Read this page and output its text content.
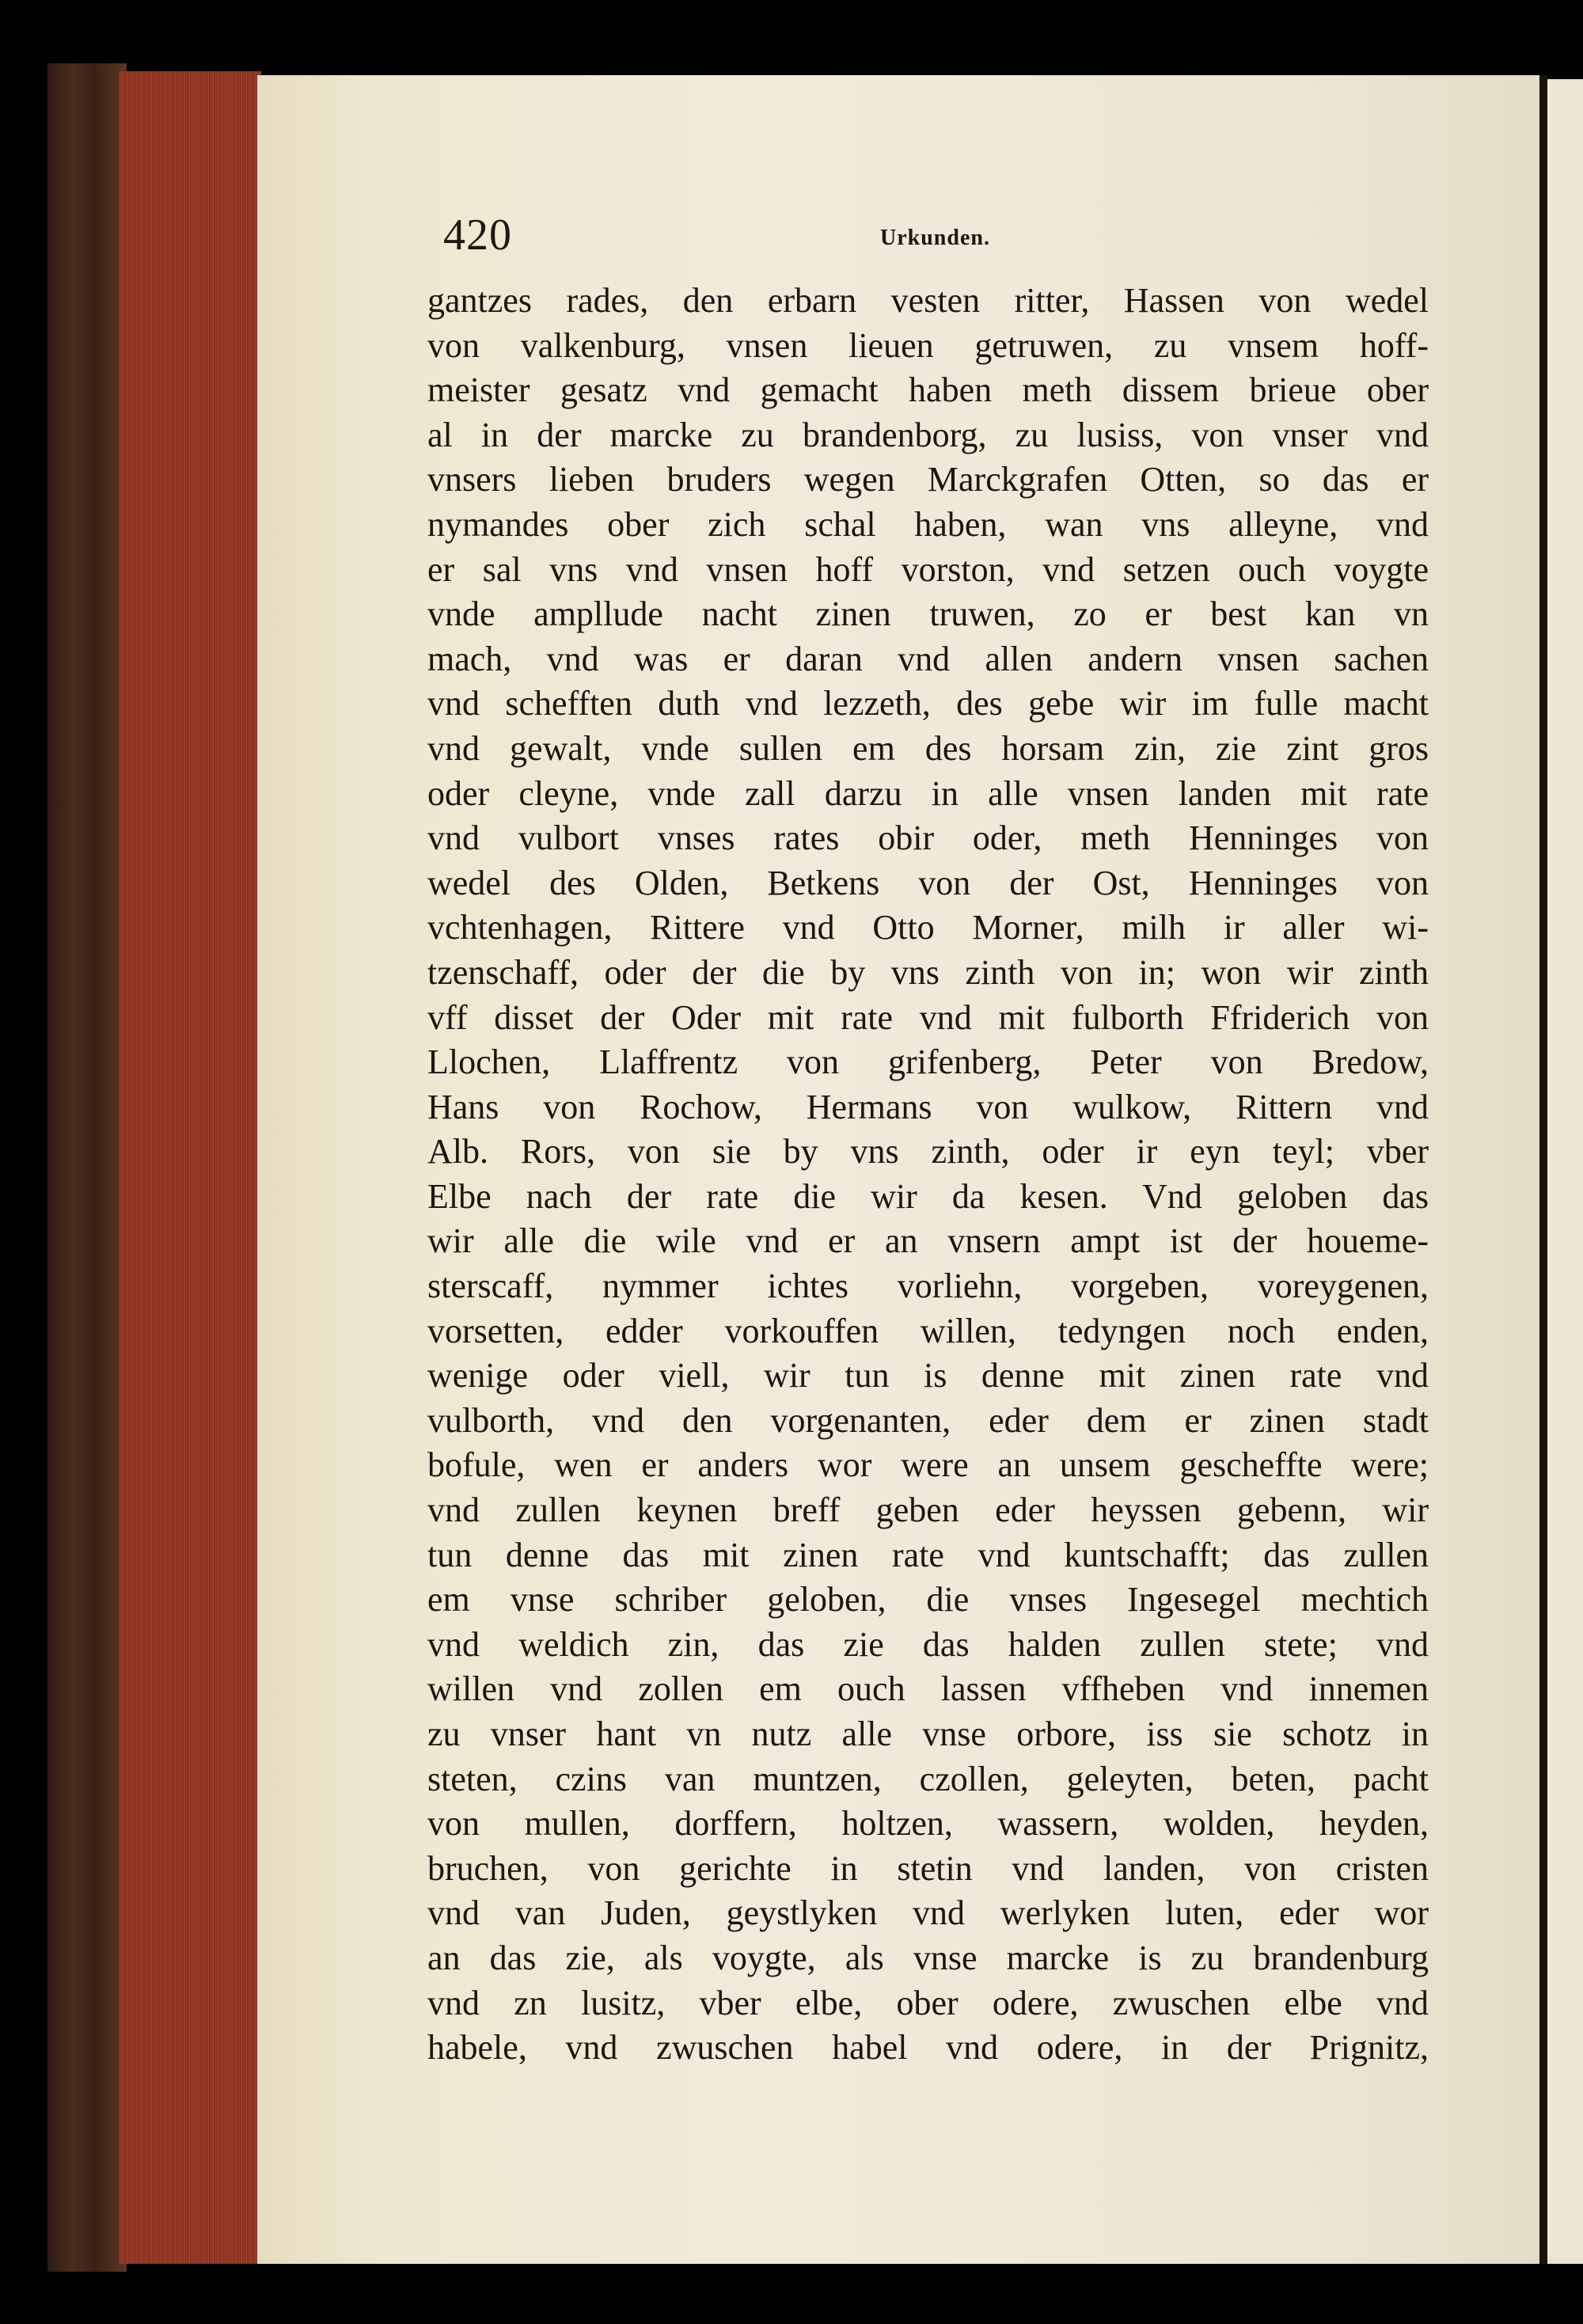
420	Urkunden.
gantzes rades, den erbarn vesten ritter, Hassen von wedel
von valkenburg, vnsen lieuen getruwen, zu vnsem hoff-
meister gesatz vnd gemacht haben meth dissem brieue ober
al in der marcke zu brandenborg, zu lusiss, von vnser vnd
vnsers lieben bruders wegen Marckgrafen Otten, so das er
nymandes ober zich schal haben, wan vns alleyne, vnd
er sal vns vnd vnsen hoff vorston, vnd setzen ouch voygte
vnde ampllude nacht zinen truwen, zo er best kan vn
mach, vnd was er daran vnd allen andern vnsen sachen
vnd schefften duth vnd lezzeth, des gebe wir im fulle macht
vnd gewalt, vnde sullen em des horsam zin, zie zint gros
oder cleyne, vnde zall darzu in alle vnsen landen mit rate
vnd vulbort vnses rates obir oder, meth Henninges von
wedel des Olden, Betkens von der Ost, Henninges von
vchtenhagen, Rittere vnd Otto Morner, milh ir aller wi-
tzenschaff, oder der die by vns zinth von in; won wir zinth
vff disset der Oder mit rate vnd mit fulborth Ffriderich von
Llochen, Llaffrentz von grifenberg, Peter von Bredow,
Hans von Rochow, Hermans von wulkow, Rittern vnd
Alb. Rors, von sie by vns zinth, oder ir eyn teyl; vber
Elbe nach der rate die wir da kesen. Vnd geloben das
wir alle die wile vnd er an vnsern ampt ist der houeme-
sterscaff, nymmer ichtes vorliehn, vorgeben, voreygenen,
vorsetten, edder vorkouffen willen, tedyngen noch enden,
wenige oder viell, wir tun is denne mit zinen rate vnd
vulborth, vnd den vorgenanten, eder dem er zinen stadt
bofule, wen er anders wor were an unsem gescheffte were;
vnd zullen keynen breff geben eder heyssen gebenn, wir
tun denne das mit zinen rate vnd kuntschafft; das zullen
em vnse schriber geloben, die vnses Ingesegel mechtich
vnd weldich zin, das zie das halden zullen stete; vnd
willen vnd zollen em ouch lassen vffheben vnd innemen
zu vnser hant vn nutz alle vnse orbore, iss sie schotz in
steten, czins van muntzen, czollen, geleyten, beten, pacht
von mullen, dorffern, holtzen, wassern, wolden, heyden,
bruchen, von gerichte in stetin vnd landen, von cristen
vnd van Juden, geystlyken vnd werlyken luten, eder wor
an das zie, als voygte, als vnse marcke is zu brandenburg
vnd zn lusitz, vber elbe, ober odere, zwuschen elbe vnd
habele, vnd zwuschen habel vnd odere, in der Prignitz,
